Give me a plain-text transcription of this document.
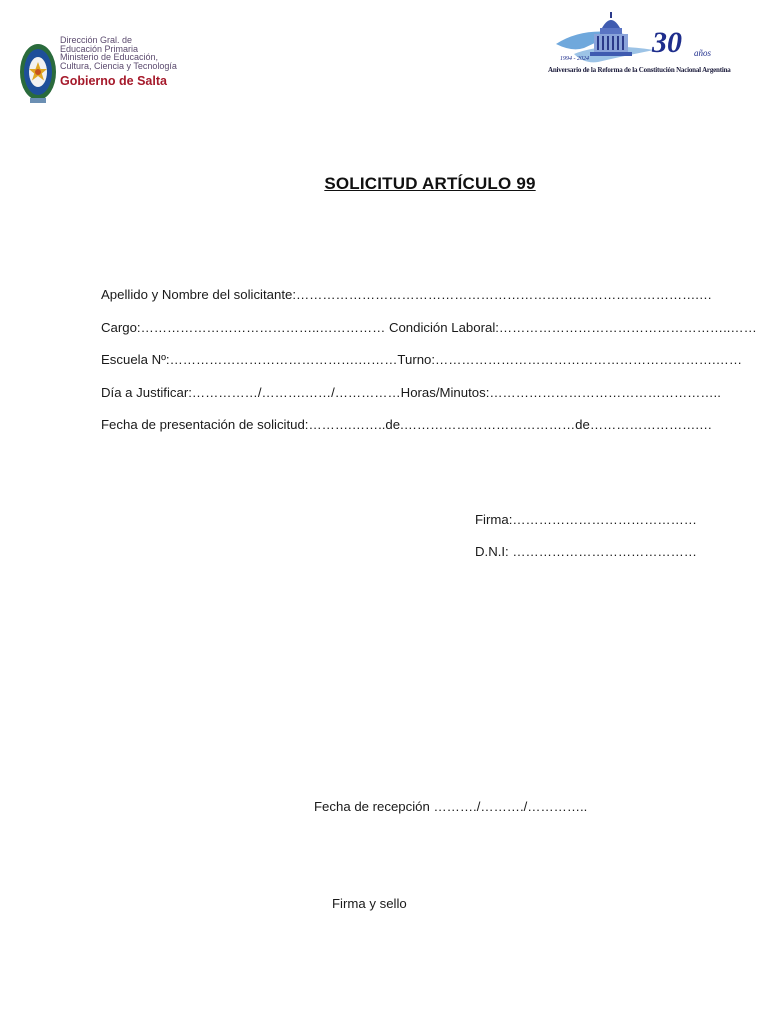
Dirección Gral. de
Educación Primaria
Ministerio de Educación,
Cultura, Ciencia y Tecnología
Gobierno de Salta
30 años
1994 - 2024
Aniversario de la Reforma de la Constitución Nacional Argentina
SOLICITUD ARTÍCULO 99
Apellido y Nombre del solicitante:……………………………………………………….……………………….…
Cargo:…………………………………..…………… Condición Laboral:……………………………………………..……
Escuela Nº:…………………………………….………Turno:……………………………………………………….……
Día a Justificar:……………/……….……/……………Horas/Minutos:……………………………………………..
Fecha de presentación de solicitud:……….……..de.…………………………………de…………………….…
Firma:……………………………………
D.N.I: ……………………………………
Fecha de recepción ………./………./…………..
Firma y sello
